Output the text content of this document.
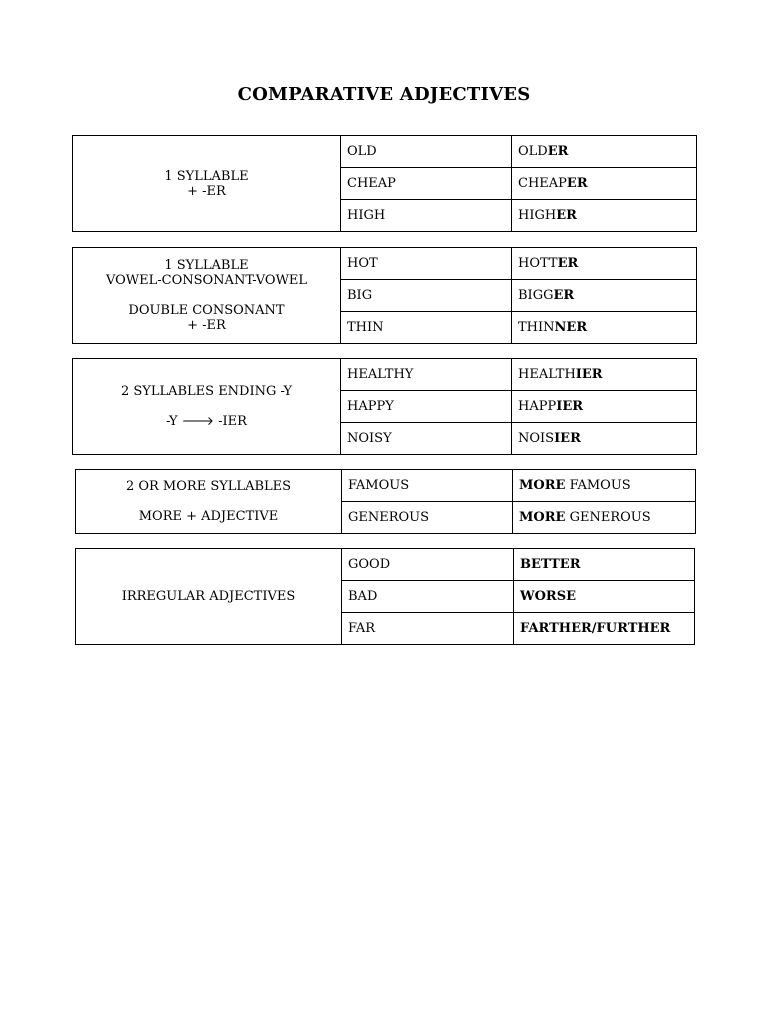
COMPARATIVE ADJECTIVES
1 SYLLABLE
+ -ER	OLD	OLDER
	CHEAP	CHEAPER
	HIGH	HIGHER
1 SYLLABLE
VOWEL-CONSONANT-VOWEL
DOUBLE CONSONANT
+ -ER	HOT	HOTTER
	BIG	BIGGER
	THIN	THINNER
2 SYLLABLES ENDING -Y
-Y 🡒 -IER	HEALTHY	HEALTHIER
	HAPPY	HAPPIER
	NOISY	NOISIER
2 OR MORE SYLLABLES
MORE + ADJECTIVE	FAMOUS	MORE FAMOUS
	GENEROUS	MORE GENEROUS
IRREGULAR ADJECTIVES	GOOD	BETTER
	BAD	WORSE
	FAR	FARTHER/FURTHER
